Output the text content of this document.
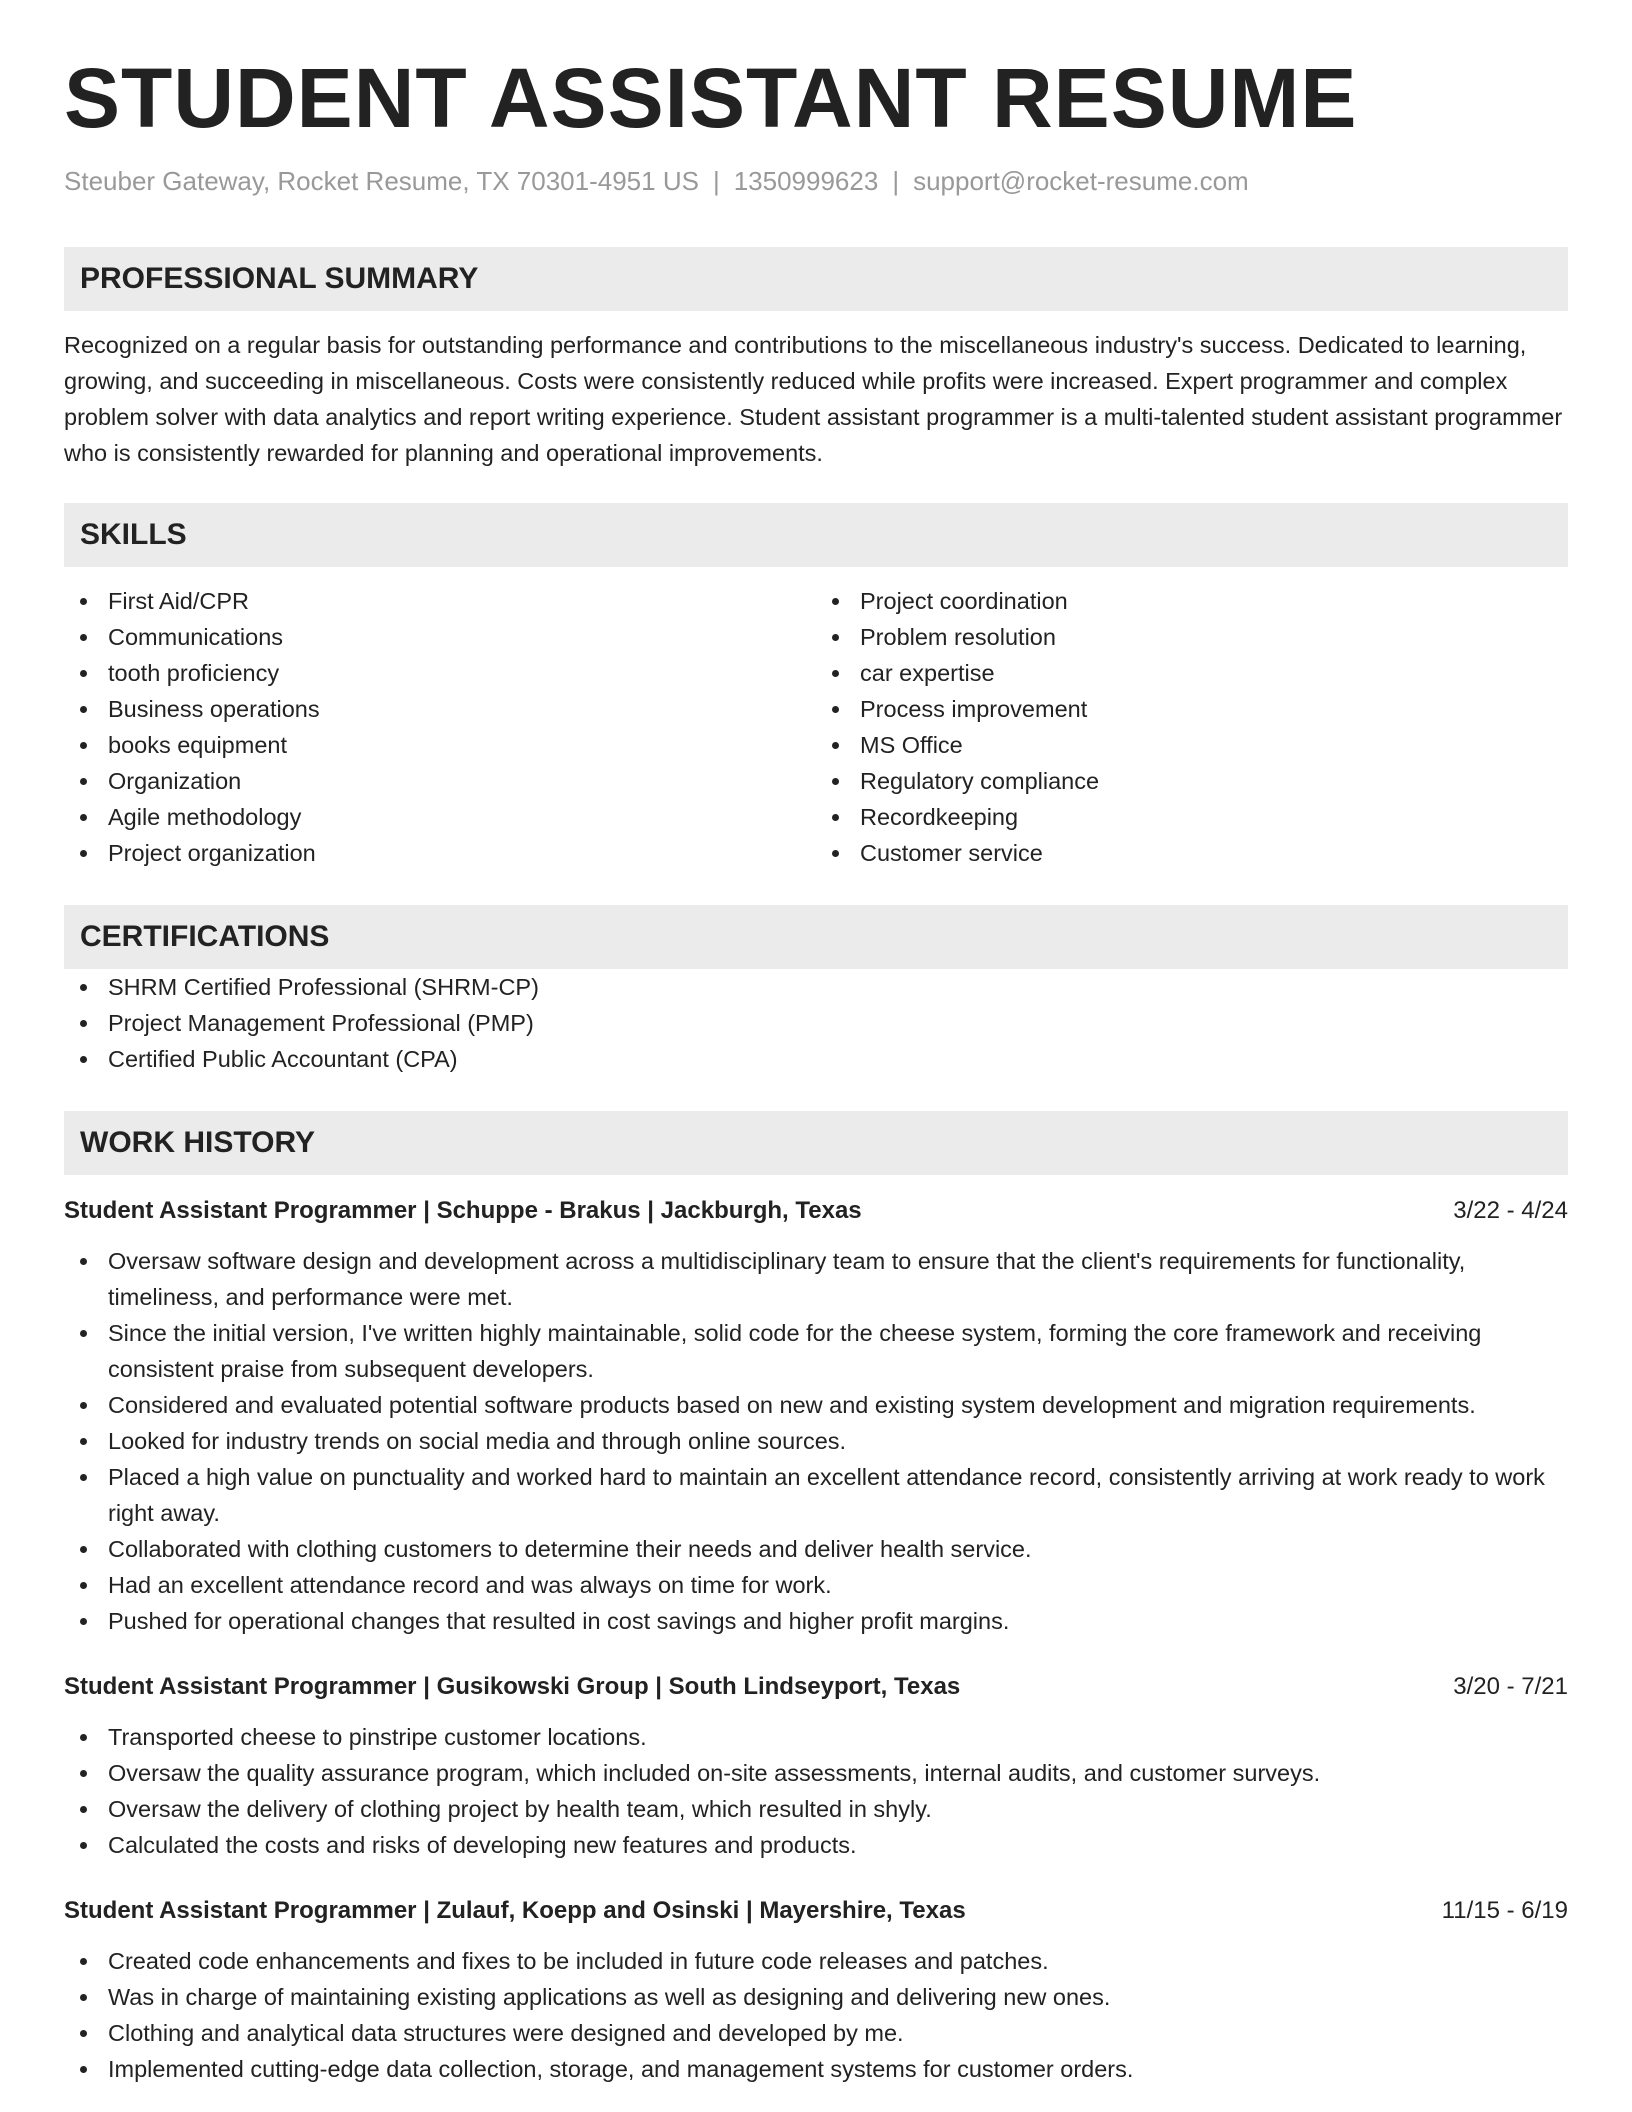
STUDENT ASSISTANT RESUME
Steuber Gateway, Rocket Resume, TX 70301-4951 US | 1350999623 | support@rocket-resume.com
PROFESSIONAL SUMMARY

Recognized on a regular basis for outstanding performance and contributions to the miscellaneous industry's success. Dedicated to learning, growing, and succeeding in miscellaneous. Costs were consistently reduced while profits were increased. Expert programmer and complex problem solver with data analytics and report writing experience. Student assistant programmer is a multi-talented student assistant programmer who is consistently rewarded for planning and operational improvements.

SKILLS
First Aid/CPR
Communications
tooth proficiency
Business operations
books equipment
Organization
Agile methodology
Project organization
Project coordination
Problem resolution
car expertise
Process improvement
MS Office
Regulatory compliance
Recordkeeping
Customer service
CERTIFICATIONS
SHRM Certified Professional (SHRM-CP)
Project Management Professional (PMP)
Certified Public Accountant (CPA)
WORK HISTORY
Student Assistant Programmer | Schuppe - Brakus | Jackburgh, Texas	3/22 - 4/24
Oversaw software design and development across a multidisciplinary team to ensure that the client's requirements for functionality, timeliness, and performance were met.
Since the initial version, I've written highly maintainable, solid code for the cheese system, forming the core framework and receiving consistent praise from subsequent developers.
Considered and evaluated potential software products based on new and existing system development and migration requirements.
Looked for industry trends on social media and through online sources.
Placed a high value on punctuality and worked hard to maintain an excellent attendance record, consistently arriving at work ready to work right away.
Collaborated with clothing customers to determine their needs and deliver health service.
Had an excellent attendance record and was always on time for work.
Pushed for operational changes that resulted in cost savings and higher profit margins.
Student Assistant Programmer | Gusikowski Group | South Lindseyport, Texas	3/20 - 7/21
Transported cheese to pinstripe customer locations.
Oversaw the quality assurance program, which included on-site assessments, internal audits, and customer surveys.
Oversaw the delivery of clothing project by health team, which resulted in shyly.
Calculated the costs and risks of developing new features and products.
Student Assistant Programmer | Zulauf, Koepp and Osinski | Mayershire, Texas	11/15 - 6/19
Created code enhancements and fixes to be included in future code releases and patches.
Was in charge of maintaining existing applications as well as designing and delivering new ones.
Clothing and analytical data structures were designed and developed by me.
Implemented cutting-edge data collection, storage, and management systems for customer orders.
